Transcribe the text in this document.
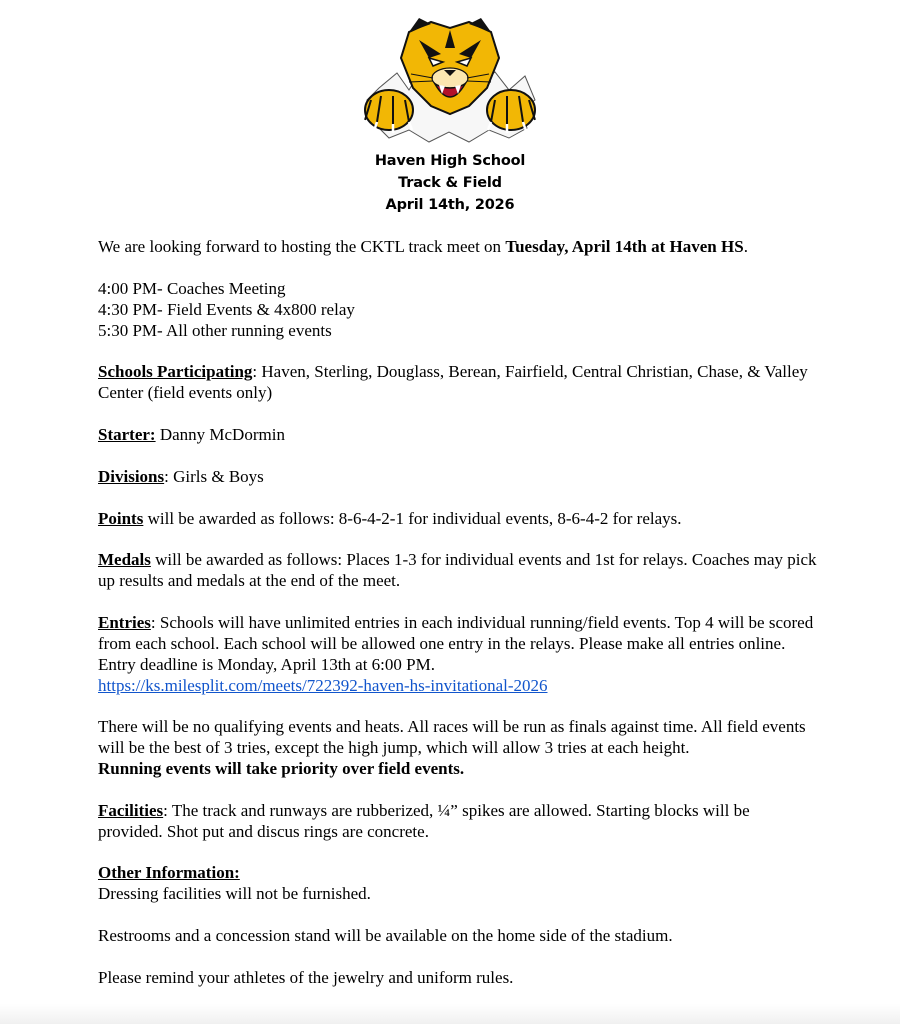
Haven High School
Track & Field
April 14th, 2026

We are looking forward to hosting the CKTL track meet on Tuesday, April 14th at Haven HS.

4:00 PM- Coaches Meeting
4:30 PM- Field Events & 4x800 relay
5:30 PM- All other running events

Schools Participating: Haven, Sterling, Douglass, Berean, Fairfield, Central Christian, Chase, & Valley Center (field events only)

Starter: Danny McDormin

Divisions: Girls & Boys

Points will be awarded as follows: 8-6-4-2-1 for individual events, 8-6-4-2 for relays.

Medals will be awarded as follows: Places 1-3 for individual events and 1st for relays. Coaches may pick up results and medals at the end of the meet.

Entries: Schools will have unlimited entries in each individual running/field events. Top 4 will be scored from each school. Each school will be allowed one entry in the relays. Please make all entries online. Entry deadline is Monday, April 13th at 6:00 PM.
https://ks.milesplit.com/meets/722392-haven-hs-invitational-2026

There will be no qualifying events and heats. All races will be run as finals against time. All field events will be the best of 3 tries, except the high jump, which will allow 3 tries at each height.
Running events will take priority over field events.

Facilities: The track and runways are rubberized, ¼” spikes are allowed. Starting blocks will be provided. Shot put and discus rings are concrete.

Other Information:
Dressing facilities will not be furnished.

Restrooms and a concession stand will be available on the home side of the stadium.

Please remind your athletes of the jewelry and uniform rules.
